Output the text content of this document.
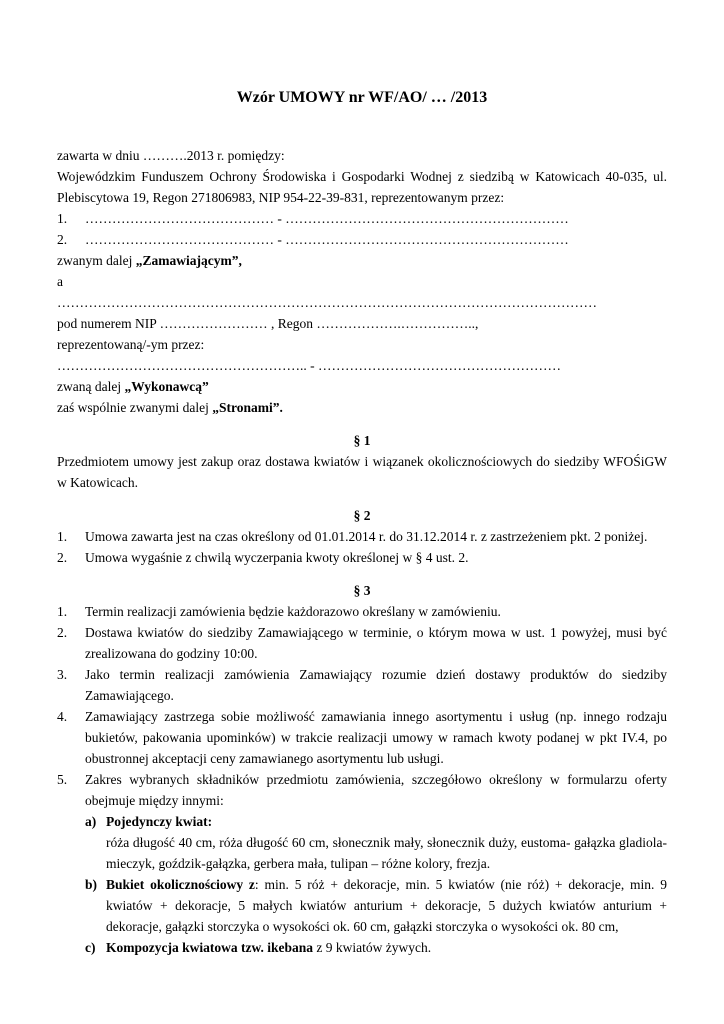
Wzór UMOWY nr WF/AO/ … /2013

zawarta w dniu ……….2013 r. pomiędzy:

Wojewódzkim Funduszem Ochrony Środowiska i Gospodarki Wodnej z siedzibą w Katowicach 40-035, ul. Plebiscytowa 19, Regon 271806983, NIP 954-22-39-831, reprezentowanym przez:

1.	…………………………………… - ………………………………………………………
2.	…………………………………… - ………………………………………………………

zwanym dalej „Zamawiającym”,

a

…………………………………………………………………………………………………………

pod numerem NIP …………………… , Regon ……………….……………..,

reprezentowaną/-ym przez:

……………………………………………….. - ………………………………………………

zwaną dalej „Wykonawcą”

zaś wspólnie zwanymi dalej „Stronami”.

§ 1

Przedmiotem umowy jest zakup oraz dostawa kwiatów i wiązanek okolicznościowych do siedziby WFOŚiGW w Katowicach.

§ 2

1.	Umowa zawarta jest na czas określony od 01.01.2014 r. do 31.12.2014 r. z zastrzeżeniem pkt. 2 poniżej.
2.	Umowa wygaśnie z chwilą wyczerpania kwoty określonej w § 4 ust. 2.

§ 3

1.	Termin realizacji zamówienia będzie każdorazowo określany w zamówieniu.
2.	Dostawa kwiatów do siedziby Zamawiającego w terminie, o którym mowa w ust. 1 powyżej, musi być zrealizowana do godziny 10:00.
3.	Jako termin realizacji zamówienia Zamawiający rozumie dzień dostawy produktów do siedziby Zamawiającego.
4.	Zamawiający zastrzega sobie możliwość zamawiania innego asortymentu i usług (np. innego rodzaju bukietów, pakowania upominków) w trakcie realizacji umowy w ramach kwoty podanej w pkt IV.4, po obustronnej akceptacji ceny zamawianego asortymentu lub usługi.
5.	Zakres wybranych składników przedmiotu zamówienia, szczegółowo określony w formularzu oferty obejmuje między innymi:

a) Pojedynczy kwiat:

róża długość 40 cm, róża długość 60 cm, słonecznik mały, słonecznik duży, eustoma- gałązka gladiola-mieczyk, goździk-gałązka, gerbera mała, tulipan – różne kolory, frezja.

b) Bukiet okolicznościowy z: min. 5 róż + dekoracje, min. 5 kwiatów (nie róż) + dekoracje, min. 9 kwiatów + dekoracje, 5 małych kwiatów anturium + dekoracje, 5 dużych kwiatów anturium + dekoracje, gałązki storczyka o wysokości ok. 60 cm, gałązki storczyka o wysokości ok. 80 cm,

c) Kompozycja kwiatowa tzw. ikebana z 9 kwiatów żywych.
